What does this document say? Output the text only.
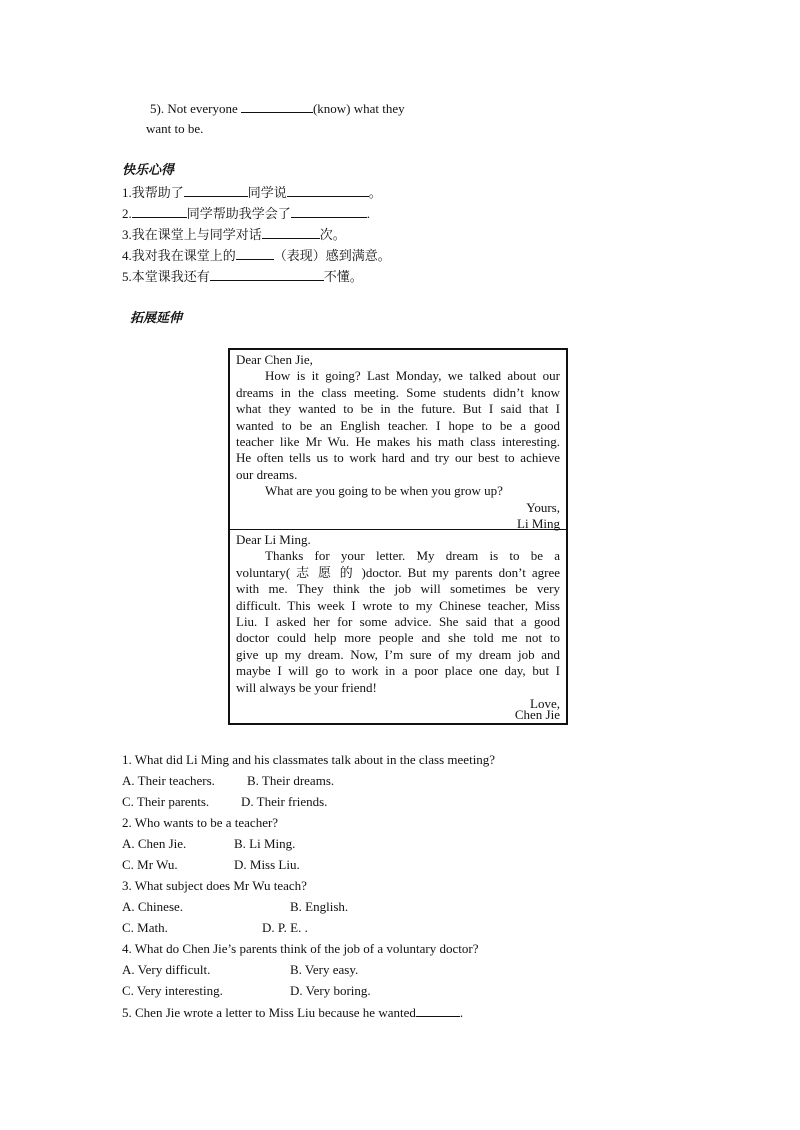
5). Not everyone	(know) what they
want to be.
快乐心得
1.我帮助了	同学说	。
2.	同学帮助我学会了	.
3.我在课堂上与同学对话	次。
4.我对我在课堂上的	（表现）感到满意。
5.本堂课我还有	不懂。
拓展延伸
Dear Chen Jie,
How is it going? Last Monday, we talked about our
dreams in the class meeting. Some students didn’t know
what they wanted to be in the future. But I said that I
wanted to be an English teacher. I hope to be a good
teacher like Mr Wu. He makes his math class interesting.
He often tells us to work hard and try our best to achieve
our dreams.
What are you going to be when you grow up?
Yours,
Li Ming
Dear Li Ming.
Thanks for your letter. My dream is to be a
voluntary( 志 愿 的 )doctor. But my parents don’t agree
with me. They think the job will sometimes be very
difficult. This week I wrote to my Chinese teacher, Miss
Liu. I asked her for some advice. She said that a good
doctor could help more people and she told me not to
give up my dream. Now, I’m sure of my dream job and
maybe I will go to work in a poor place one day, but I
will always be your friend!
Love,
Chen Jie
1. What did Li Ming and his classmates talk about in the class meeting?
A. Their teachers. B. Their dreams.
C. Their parents. D. Their friends.
2. Who wants to be a teacher?
A. Chen Jie.	B. Li Ming.
C. Mr Wu.	D. Miss Liu.
3. What subject does Mr Wu teach?
A. Chinese.	B. English.
C. Math.	D. P. E. .
4. What do Chen Jie’s parents think of the job of a voluntary doctor?
A. Very difficult.	B. Very easy.
C. Very interesting.	D. Very boring.
5. Chen Jie wrote a letter to Miss Liu because he wanted	.
